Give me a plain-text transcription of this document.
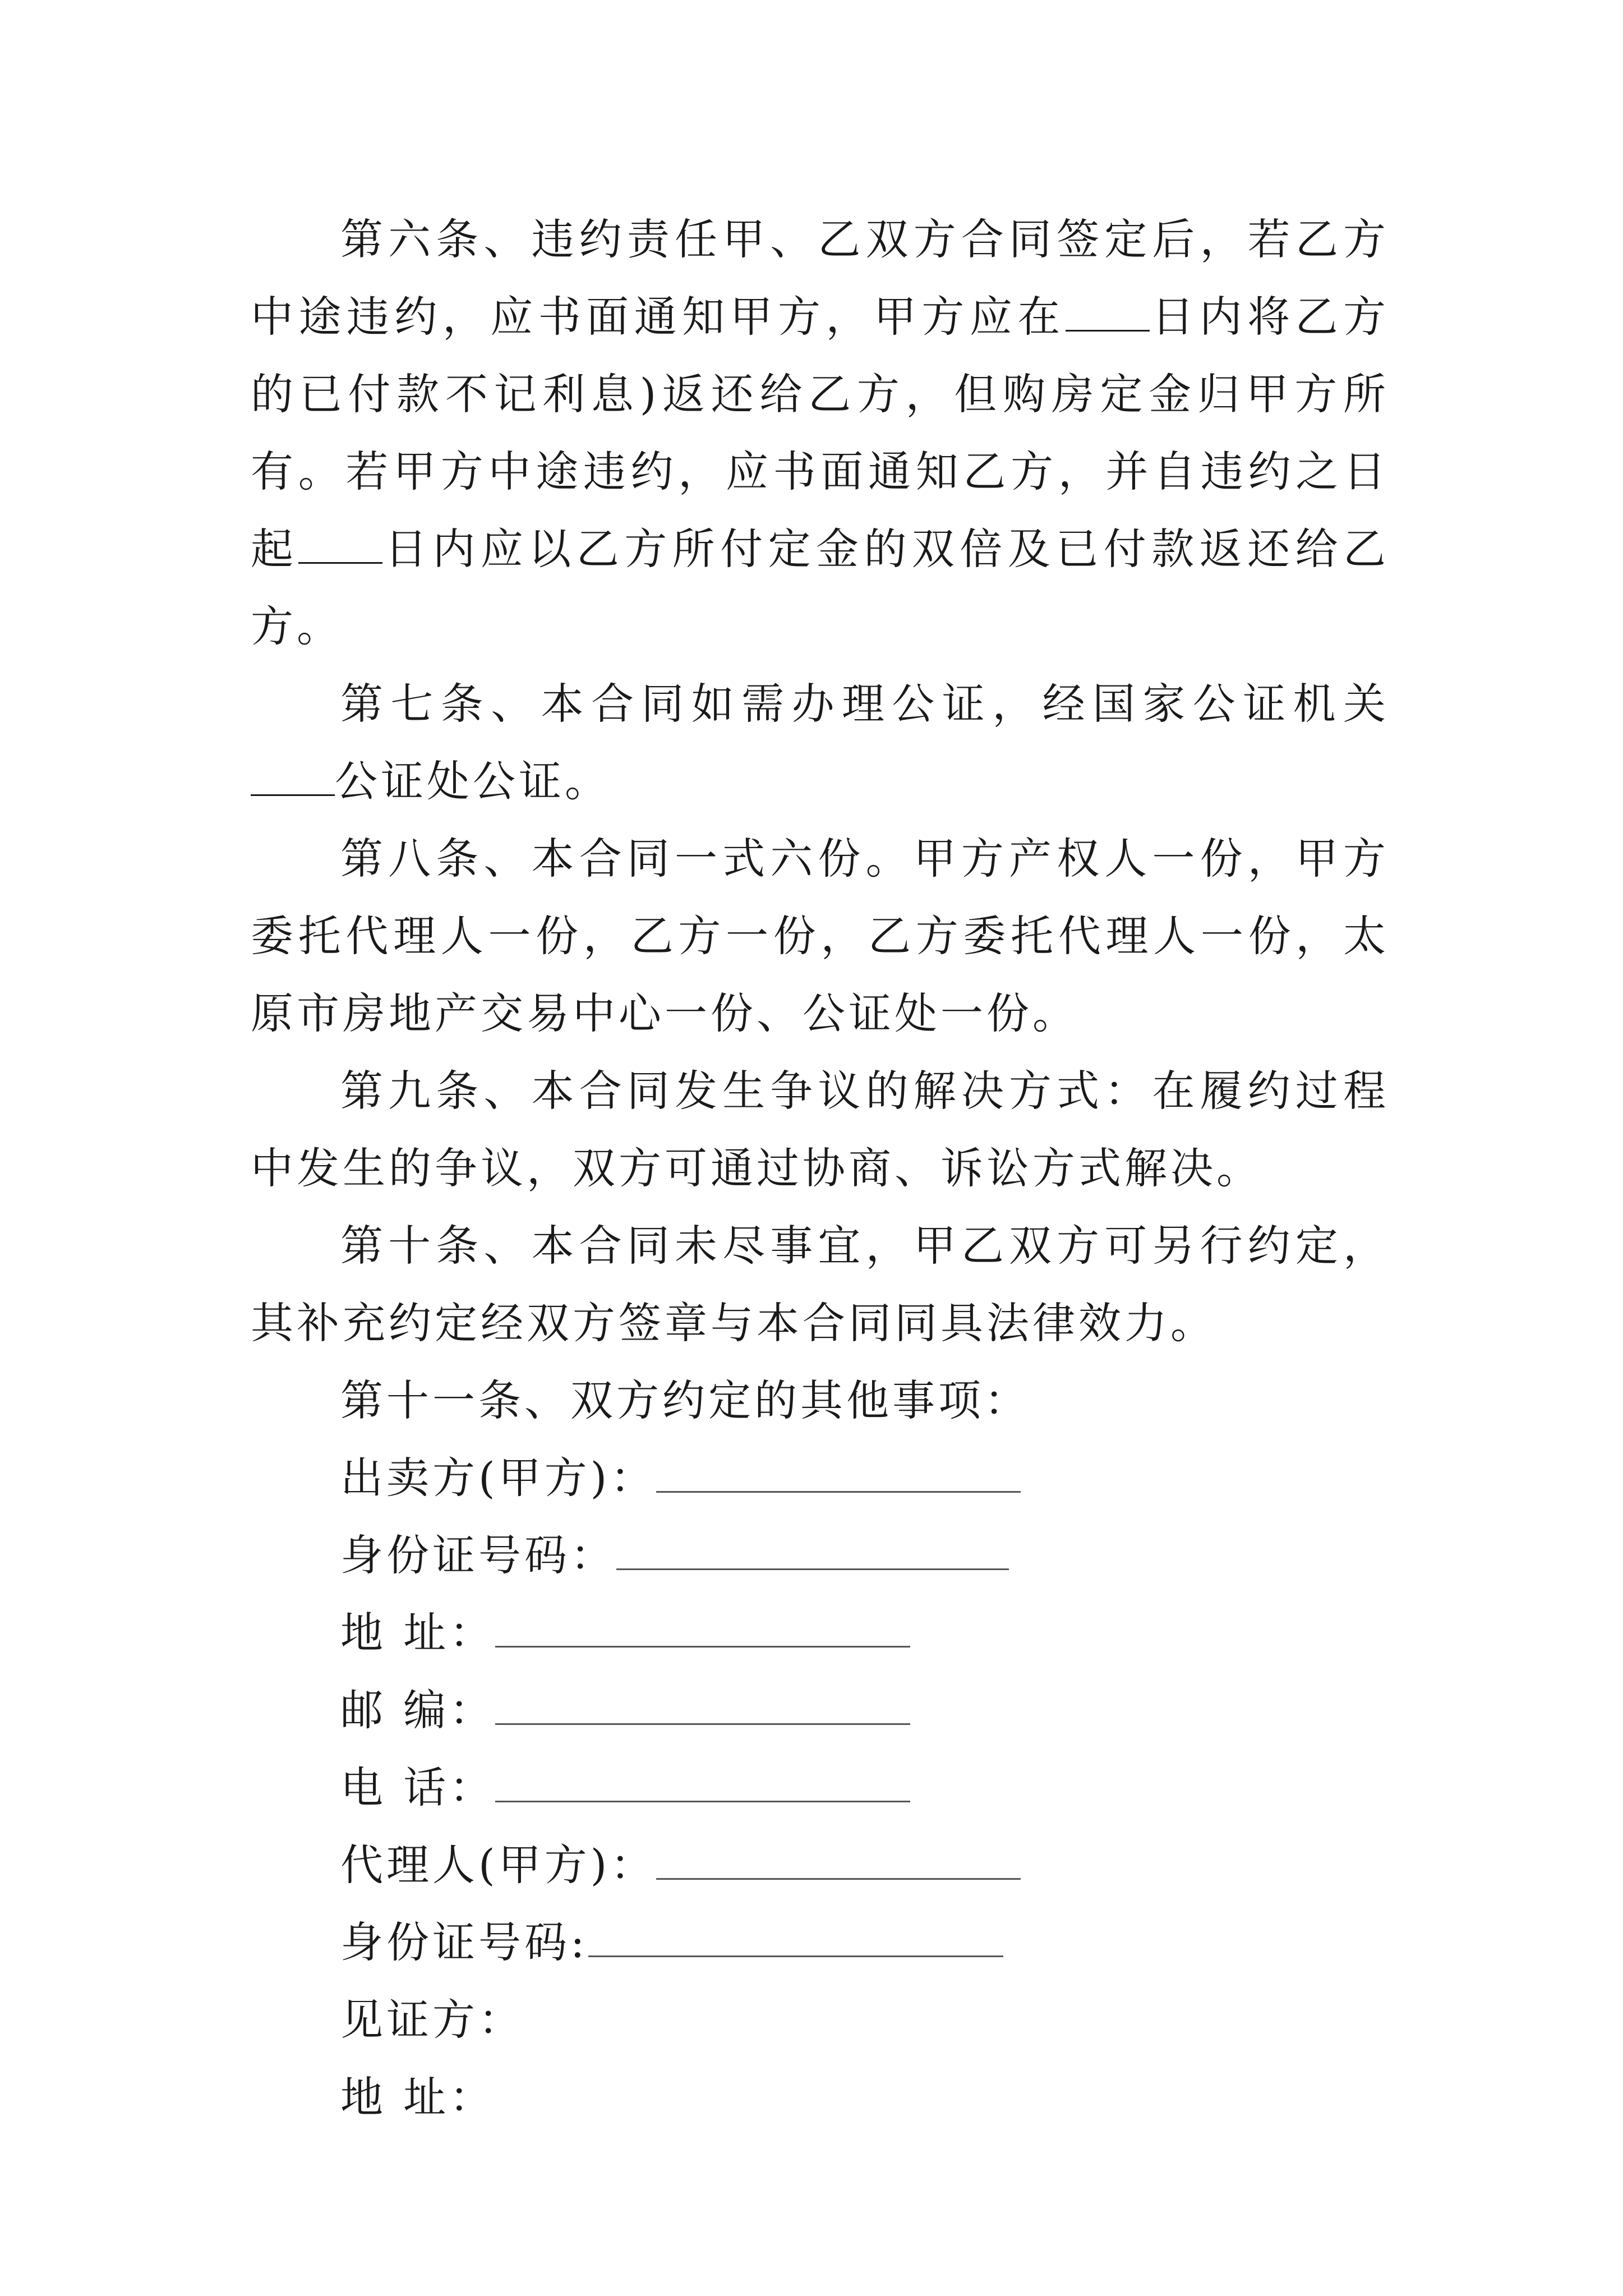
第六条、违约责任甲、乙双方合同签定后，若乙方中途违约，应书面通知甲方，甲方应在 日内将乙方的已付款不记利息)返还给乙方，但购房定金归甲方所有。若甲方中途违约，应书面通知乙方，并自违约之日起 日内应以乙方所付定金的双倍及已付款返还给乙方。

第七条、本合同如需办理公证，经国家公证机关公证处公证。

第八条、本合同一式六份。甲方产权人一份，甲方委托代理人一份，乙方一份，乙方委托代理人一份，太原市房地产交易中心一份、公证处一份。

第九条、本合同发生争议的解决方式：在履约过程中发生的争议，双方可通过协商、诉讼方式解决。

第十条、本合同未尽事宜，甲乙双方可另行约定，其补充约定经双方签章与本合同同具法律效力。

第十一条、双方约定的其他事项：

出卖方(甲方)：

身份证号码：

地 址：

邮 编：

电 话：

代理人(甲方)：

身份证号码:

见证方：

地 址：
